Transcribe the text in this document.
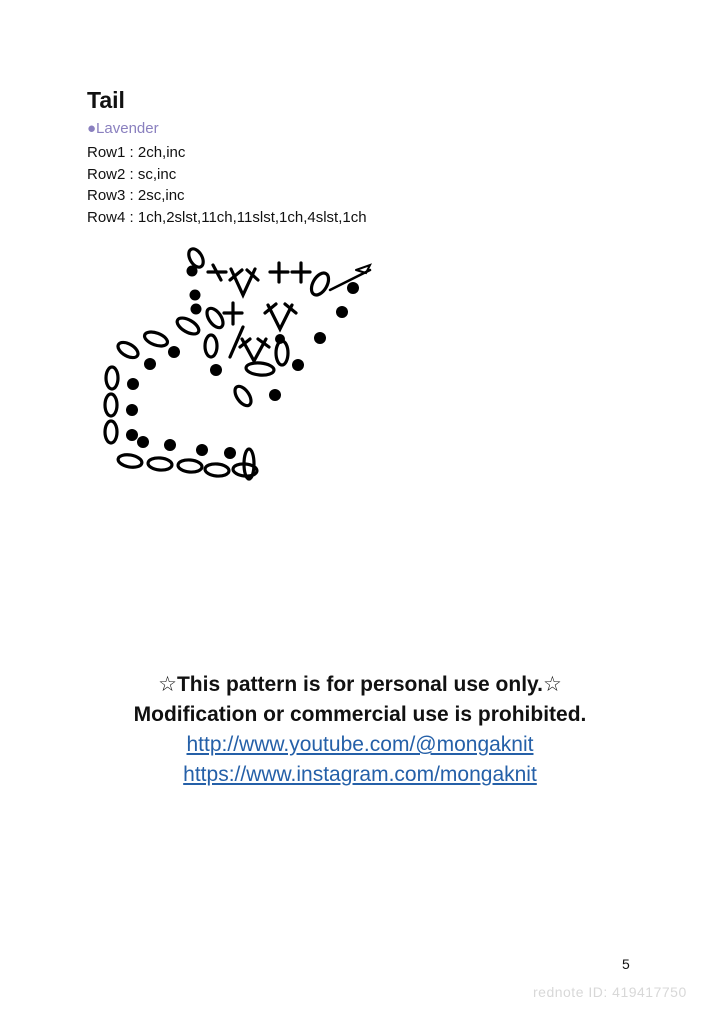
Tail
●Lavender
Row1 : 2ch,inc
Row2 : sc,inc
Row3 : 2sc,inc
Row4 : 1ch,2slst,11ch,11slst,1ch,4slst,1ch
☆This pattern is for personal use only.☆
Modification or commercial use is prohibited.
http://www.youtube.com/@mongaknit
https://www.instagram.com/mongaknit
5
rednote ID: 419417750
